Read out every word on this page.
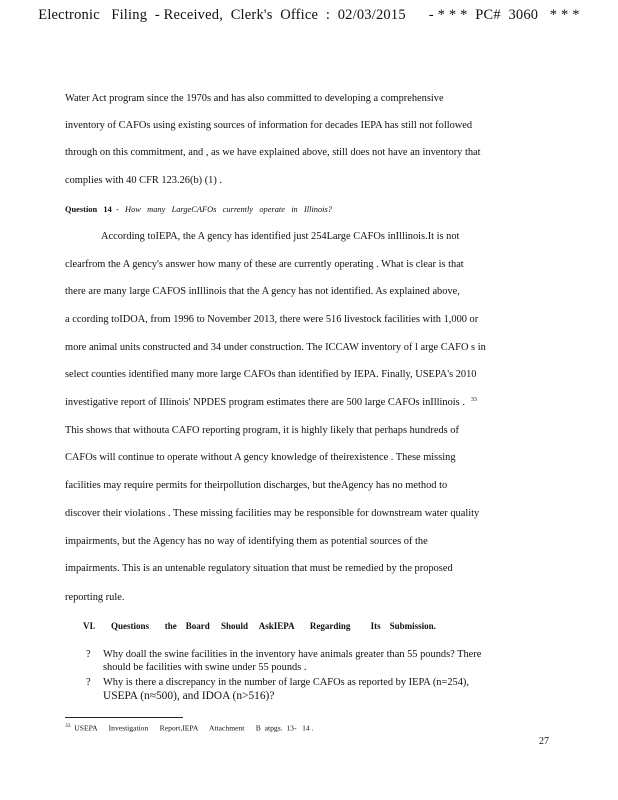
Electronic   Filing  - Received,  Clerk's  Office  :  02/03/2015      - * * *  PC#  3060   * * *
Water Act program since the 1970s and has also committed to developing a comprehensive
inventory of CAFOs using existing sources of information for decades IEPA has still not followed
through on this commitment, and , as we have explained above, still does not have an inventory that
complies with 40 CFR 123.26(b) (1) .
Question   14  -   How   many   LargeCAFOs   currently   operate   in   Illinois?
According toIEPA, the A gency has identified just 254Large CAFOs inIllinois.It is not
clearfrom the A gency's answer how many of these are currently operating . What is clear is that
there are many large CAFOS inIllinois that the A gency has not identified. As explained above,
a ccording toIDOA, from 1996 to November 2013, there were 516 livestock facilities with 1,000 or
more animal units constructed and 34 under construction. The ICCAW inventory of l arge CAFO s in
select counties identified many more large CAFOs than identified by IEPA. Finally, USEPA's 2010
investigative report of Illinois' NPDES program estimates there are 500 large CAFOs inIllinois . 33
This shows that withouta CAFO reporting program, it is highly likely that perhaps hundreds of
CAFOs will continue to operate without A gency knowledge of theirexistence . These missing
facilities may require permits for theirpollution discharges, but theAgency has no method to
discover their violations . These missing facilities may be responsible for downstream water quality
impairments, but the Agency has no way of identifying them as potential sources of the
impairments. This is an untenable regulatory situation that must be remedied by the proposed
reporting rule.
VI.       Questions       the    Board     Should     AskIEPA       Regarding         Its    Submission.
? Why doall the swine facilities in the inventory have animals greater than 55 pounds? There
should be facilities with swine under 55 pounds .
? Why is there a discrepancy in the number of large CAFOs as reported by IEPA (n=254),
USEPA (n≈500), and IDOA (n>516)?
$^{33}$  USEPA      Investigation      Report,IEPA      Attachment      B  atpgs.  13-   14 .
27
